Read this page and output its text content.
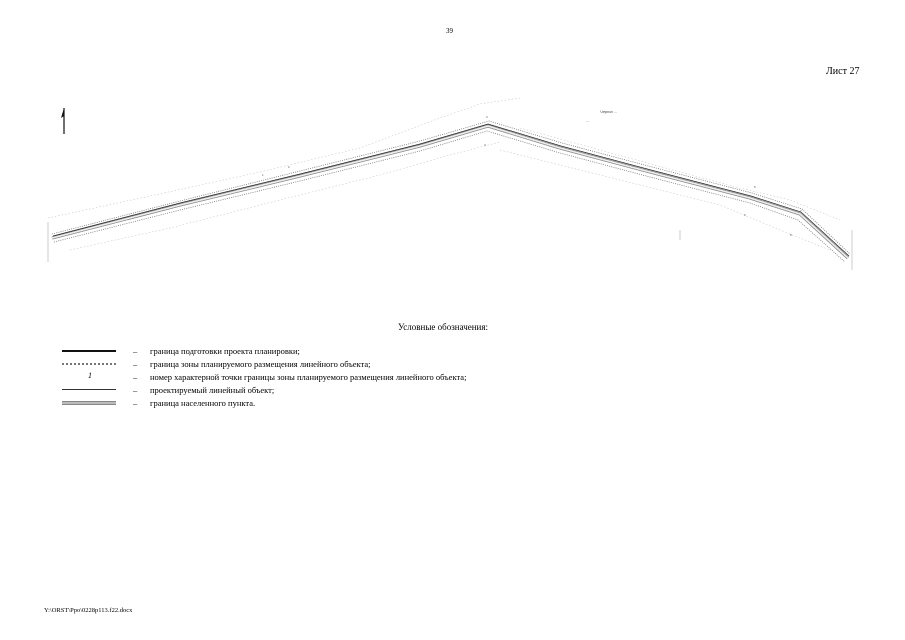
39
Лист 27
1
2
3
4
5
6
7
8
Черта ...
...
Условные обозначения:
– граница подготовки проекта планировки;
– граница зоны планируемого размещения линейного объекта;
1	– номер характерной точки границы зоны планируемого размещения линейного объекта;
– проектируемый линейный объект;
– граница населенного пункта.
Y:\ORST\Ppo\0228p113.f22.docx
